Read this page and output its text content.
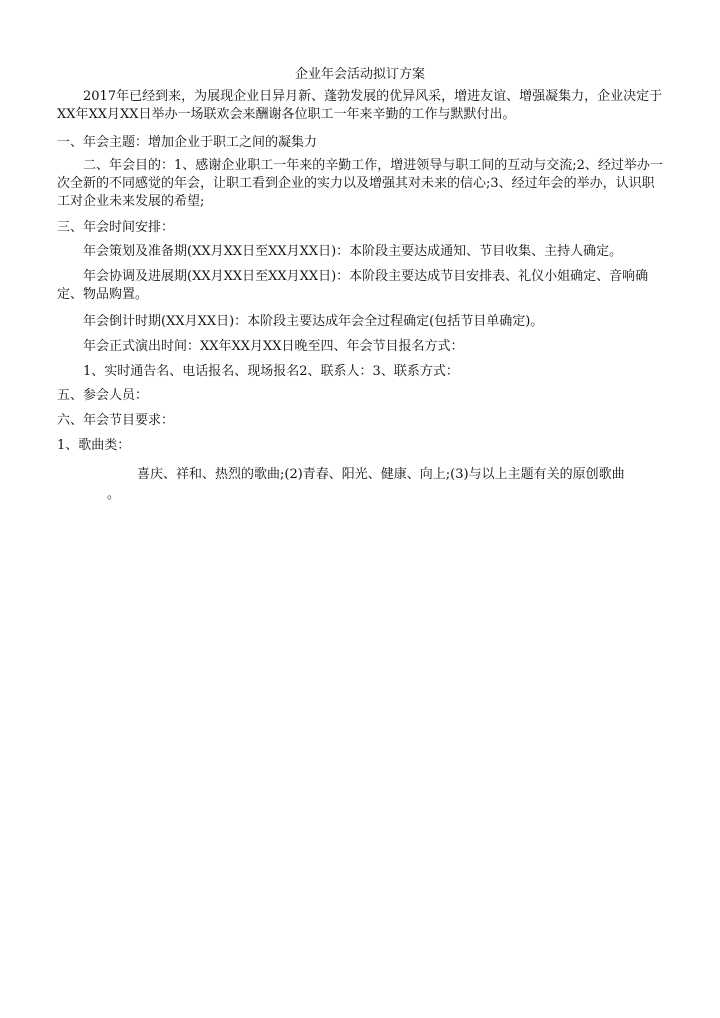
企业年会活动拟订方案
2017年已经到来，为展现企业日异月新、蓬勃发展的优异风采，增进友谊、增强凝集力，企业决定于XX年XX月XX日举办一场联欢会来酬谢各位职工一年来辛勤的工作与默默付出。
一、年会主题：增加企业于职工之间的凝集力
二、年会目的：1、感谢企业职工一年来的辛勤工作，增进领导与职工间的互动与交流;2、经过举办一次全新的不同感觉的年会，让职工看到企业的实力以及增强其对未来的信心;3、经过年会的举办，认识职工对企业未来发展的希望;
三、年会时间安排：
年会策划及准备期(XX月XX日至XX月XX日)：本阶段主要达成通知、节目收集、主持人确定。
年会协调及进展期(XX月XX日至XX月XX日)：本阶段主要达成节目安排表、礼仪小姐确定、音响确定、物品购置。
年会倒计时期(XX月XX日)：本阶段主要达成年会全过程确定(包括节目单确定)。
年会正式演出时间：XX年XX月XX日晚至四、年会节目报名方式：
1、实时通告名、电话报名、现场报名2、联系人：3、联系方式：
五、参会人员：
六、年会节目要求：
1、歌曲类：
喜庆、祥和、热烈的歌曲;(2)青春、阳光、健康、向上;(3)与以上主题有关的原创歌曲
。
